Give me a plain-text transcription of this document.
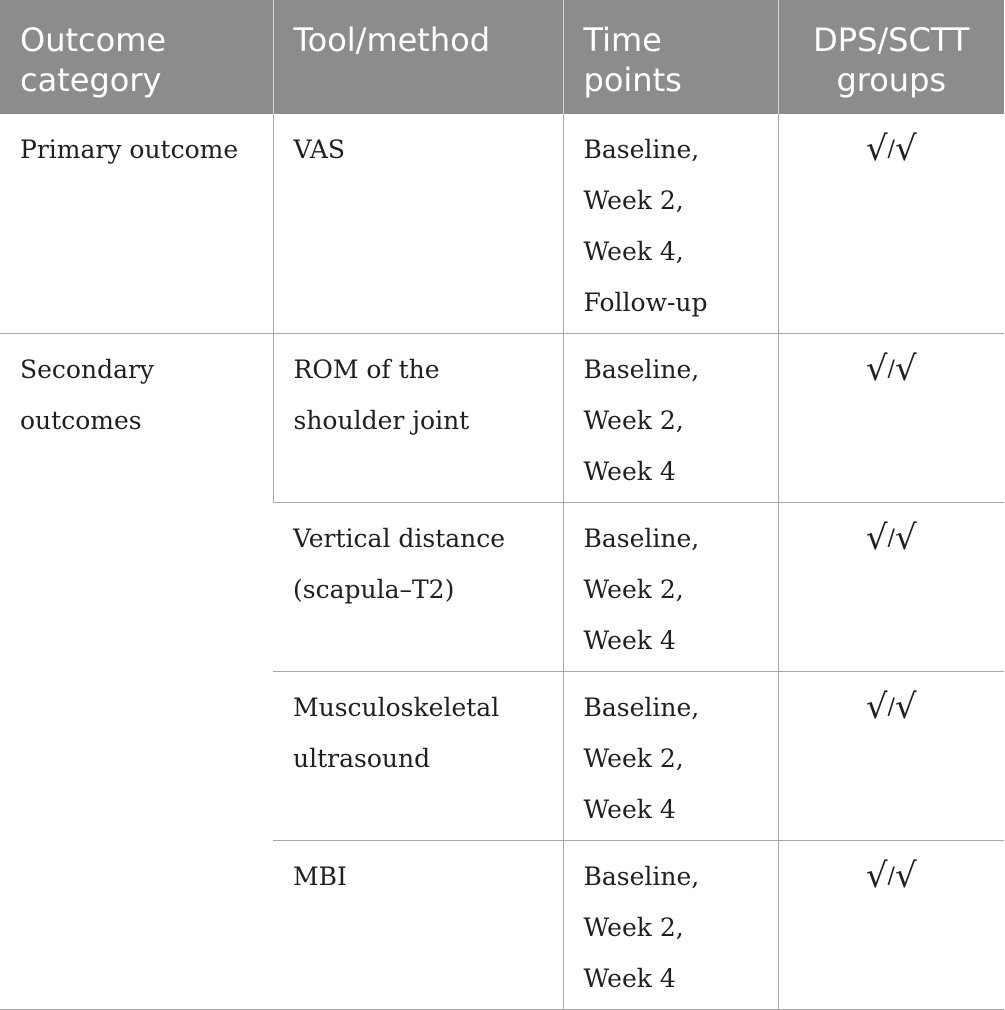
Outcome category	Tool/method	Time points	DPS/SCTT groups
Primary outcome	VAS	Baseline, Week 2, Week 4, Follow-up	√/√
Secondary outcomes	ROM of the shoulder joint	Baseline, Week 2, Week 4	√/√
	Vertical distance (scapula–T2)	Baseline, Week 2, Week 4	√/√
	Musculoskeletal ultrasound	Baseline, Week 2, Week 4	√/√
	MBI	Baseline, Week 2, Week 4	√/√
